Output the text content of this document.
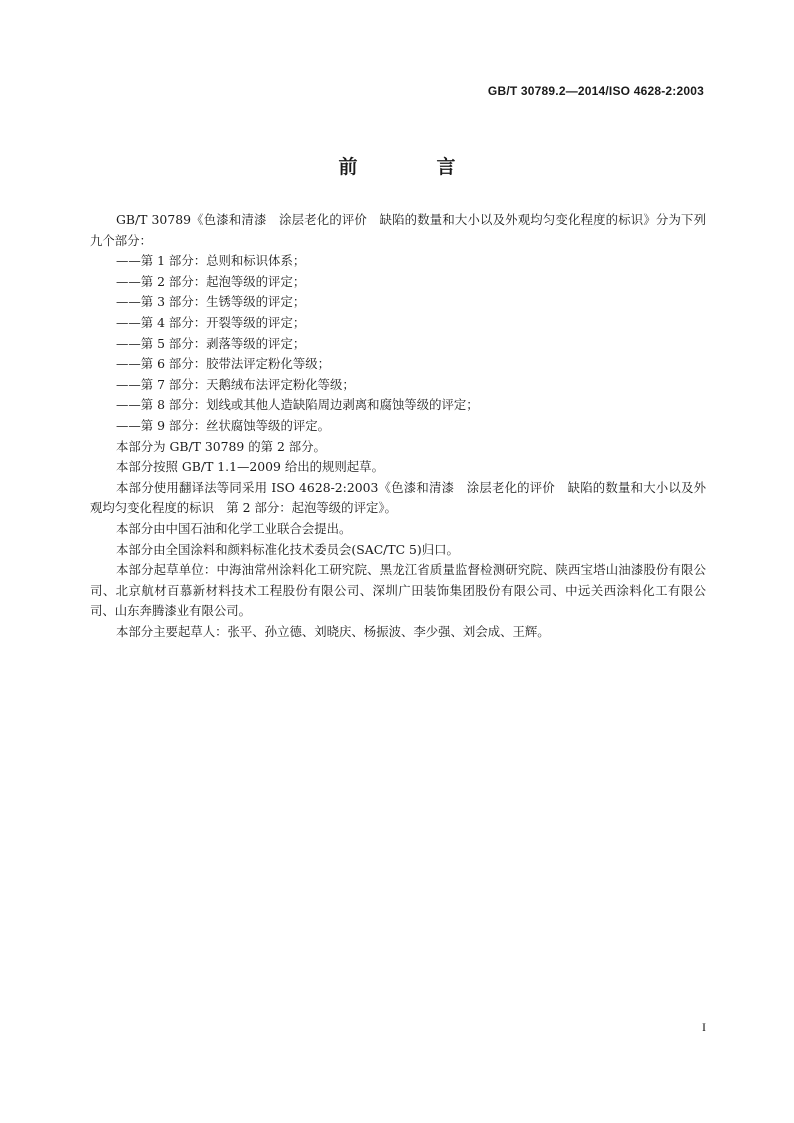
GB/T 30789.2—2014/ISO 4628-2:2003
前　言

GB/T 30789《色漆和清漆　涂层老化的评价　缺陷的数量和大小以及外观均匀变化程度的标识》分为下列九个部分：

——第 1 部分：总则和标识体系；

——第 2 部分：起泡等级的评定；

——第 3 部分：生锈等级的评定；

——第 4 部分：开裂等级的评定；

——第 5 部分：剥落等级的评定；

——第 6 部分：胶带法评定粉化等级；

——第 7 部分：天鹅绒布法评定粉化等级；

——第 8 部分：划线或其他人造缺陷周边剥离和腐蚀等级的评定；

——第 9 部分：丝状腐蚀等级的评定。

本部分为 GB/T 30789 的第 2 部分。

本部分按照 GB/T 1.1—2009 给出的规则起草。

本部分使用翻译法等同采用 ISO 4628-2:2003《色漆和清漆　涂层老化的评价　缺陷的数量和大小以及外观均匀变化程度的标识　第 2 部分：起泡等级的评定》。

本部分由中国石油和化学工业联合会提出。

本部分由全国涂料和颜料标准化技术委员会(SAC/TC 5)归口。

本部分起草单位：中海油常州涂料化工研究院、黑龙江省质量监督检测研究院、陕西宝塔山油漆股份有限公司、北京航材百慕新材料技术工程股份有限公司、深圳广田装饰集团股份有限公司、中远关西涂料化工有限公司、山东奔腾漆业有限公司。

本部分主要起草人：张平、孙立德、刘晓庆、杨振波、李少强、刘会成、王辉。

I
